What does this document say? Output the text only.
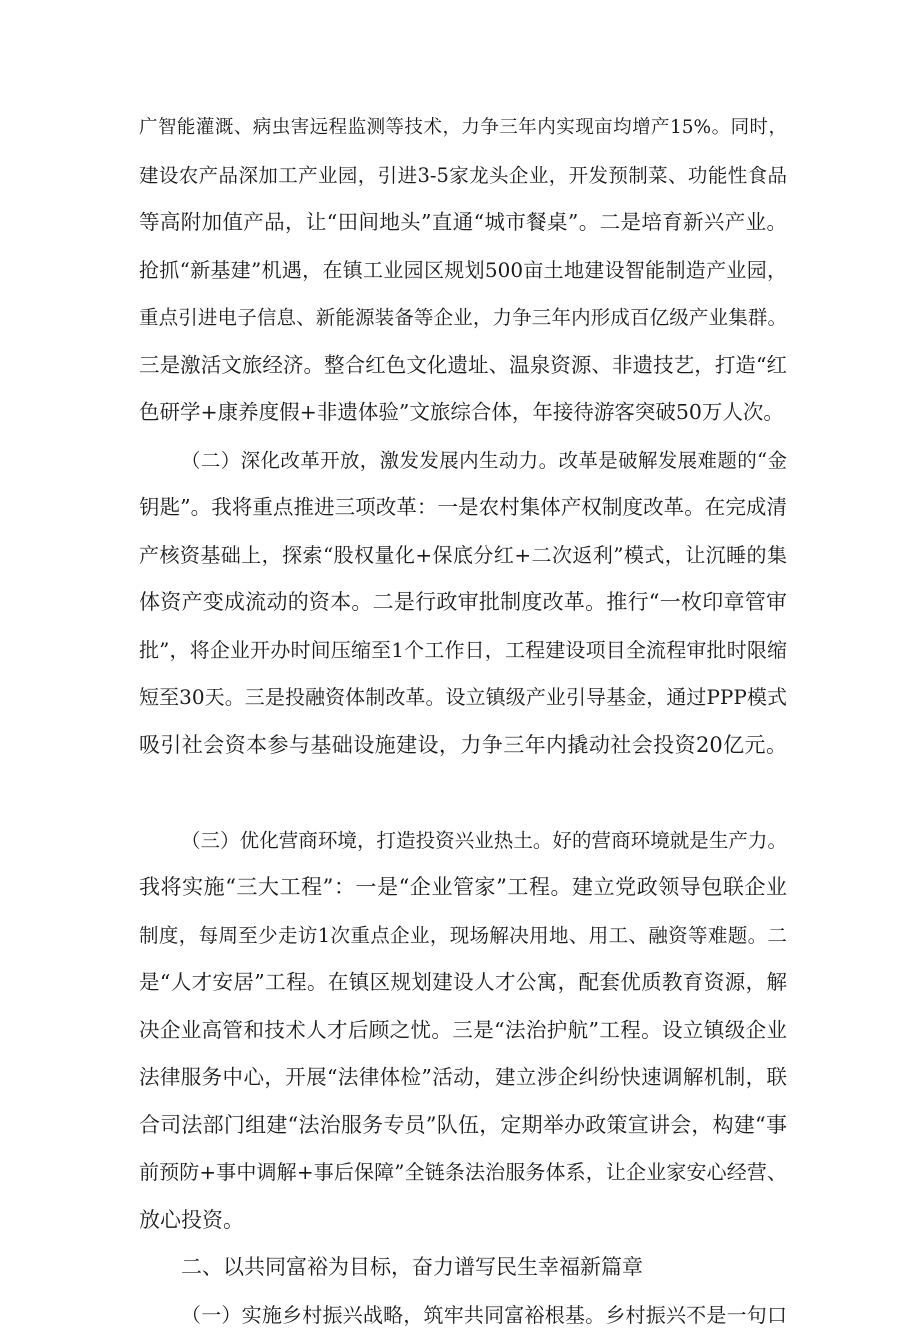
广智能灌溉、病虫害远程监测等技术，力争三年内实现亩均增产15%。同时，
建设农产品深加工产业园，引进3-5家龙头企业，开发预制菜、功能性食品
等高附加值产品，让“田间地头”直通“城市餐桌”。二是培育新兴产业。
抢抓“新基建”机遇，在镇工业园区规划500亩土地建设智能制造产业园，
重点引进电子信息、新能源装备等企业，力争三年内形成百亿级产业集群。
三是激活文旅经济。整合红色文化遗址、温泉资源、非遗技艺，打造“红
色研学+康养度假+非遗体验”文旅综合体，年接待游客突破50万人次。
（二）深化改革开放，激发发展内生动力。改革是破解发展难题的“金
钥匙”。我将重点推进三项改革：一是农村集体产权制度改革。在完成清
产核资基础上，探索“股权量化+保底分红+二次返利”模式，让沉睡的集
体资产变成流动的资本。二是行政审批制度改革。推行“一枚印章管审
批”，将企业开办时间压缩至1个工作日，工程建设项目全流程审批时限缩
短至30天。三是投融资体制改革。设立镇级产业引导基金，通过PPP模式
吸引社会资本参与基础设施建设，力争三年内撬动社会投资20亿元。
（三）优化营商环境，打造投资兴业热土。好的营商环境就是生产力。
我将实施“三大工程”：一是“企业管家”工程。建立党政领导包联企业
制度，每周至少走访1次重点企业，现场解决用地、用工、融资等难题。二
是“人才安居”工程。在镇区规划建设人才公寓，配套优质教育资源，解
决企业高管和技术人才后顾之忧。三是“法治护航”工程。设立镇级企业
法律服务中心，开展“法律体检”活动，建立涉企纠纷快速调解机制，联
合司法部门组建“法治服务专员”队伍，定期举办政策宣讲会，构建“事
前预防+事中调解+事后保障”全链条法治服务体系，让企业家安心经营、
放心投资。
二、以共同富裕为目标，奋力谱写民生幸福新篇章
（一）实施乡村振兴战略，筑牢共同富裕根基。乡村振兴不是一句口
